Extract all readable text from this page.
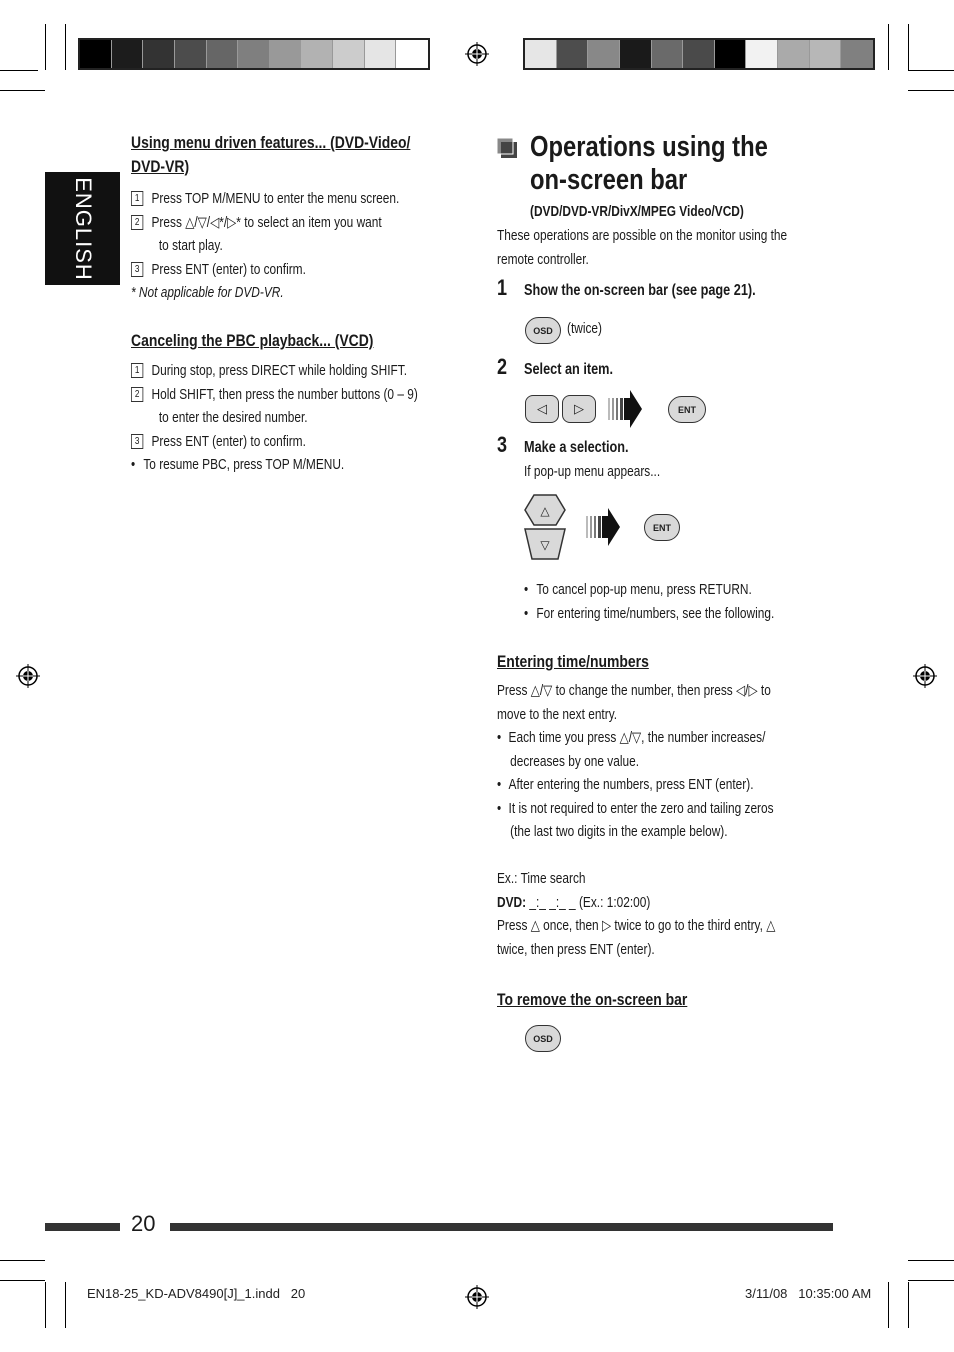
ENGLISH
Using menu driven features... (DVD-Video/
DVD-VR)
1 Press TOP M/MENU to enter the menu screen.
2 Press △/▽/◁*/▷* to select an item you want
to start play.
3 Press ENT (enter) to confirm.
* Not applicable for DVD-VR.
Canceling the PBC playback... (VCD)
1 During stop, press DIRECT while holding SHIFT.
2 Hold SHIFT, then press the number buttons (0 – 9)
to enter the desired number.
3 Press ENT (enter) to confirm.
• To resume PBC, press TOP M/MENU.
Operations using the
on-screen bar
(DVD/DVD-VR/DivX/MPEG Video/VCD)
These operations are possible on the monitor using the
remote controller.
1 Show the on-screen bar (see page 21).
OSD (twice)
2 Select an item.
◁	▷	ENT
3 Make a selection.
If pop-up menu appears...
△
▽
ENT
• To cancel pop-up menu, press RETURN.
• For entering time/numbers, see the following.
Entering time/numbers
Press △/▽ to change the number, then press ◁/▷ to
move to the next entry.
• Each time you press △/▽, the number increases/
decreases by one value.
• After entering the numbers, press ENT (enter).
• It is not required to enter the zero and tailing zeros
(the last two digits in the example below).
Ex.: Time search
DVD: _:_ _:_ _ (Ex.: 1:02:00)
Press △ once, then ▷ twice to go to the third entry, △
twice, then press ENT (enter).
To remove the on-screen bar
OSD
20
EN18-25_KD-ADV8490[J]_1.indd   20	3/11/08   10:35:00 AM
